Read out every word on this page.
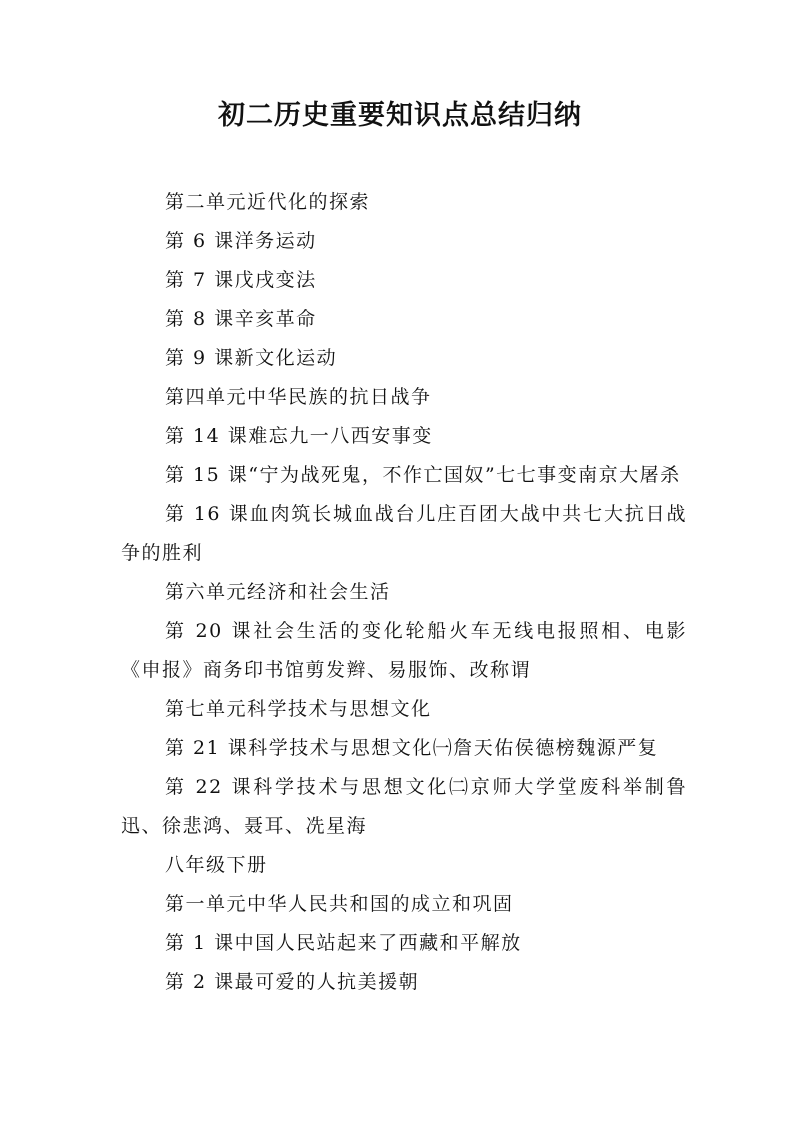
初二历史重要知识点总结归纳

第二单元近代化的探索

第 6 课洋务运动

第 7 课戊戌变法

第 8 课辛亥革命

第 9 课新文化运动

第四单元中华民族的抗日战争

第 14 课难忘九一八西安事变

第 15 课“宁为战死鬼，不作亡国奴”七七事变南京大屠杀

第 16 课血肉筑长城血战台儿庄百团大战中共七大抗日战争的胜利

第六单元经济和社会生活

第 20 课社会生活的变化轮船火车无线电报照相、电影《申报》商务印书馆剪发辫、易服饰、改称谓

第七单元科学技术与思想文化

第 21 课科学技术与思想文化㈠詹天佑侯德榜魏源严复

第 22 课科学技术与思想文化㈡京师大学堂废科举制鲁迅、徐悲鸿、聂耳、冼星海

八年级下册

第一单元中华人民共和国的成立和巩固

第 1 课中国人民站起来了西藏和平解放

第 2 课最可爱的人抗美援朝
